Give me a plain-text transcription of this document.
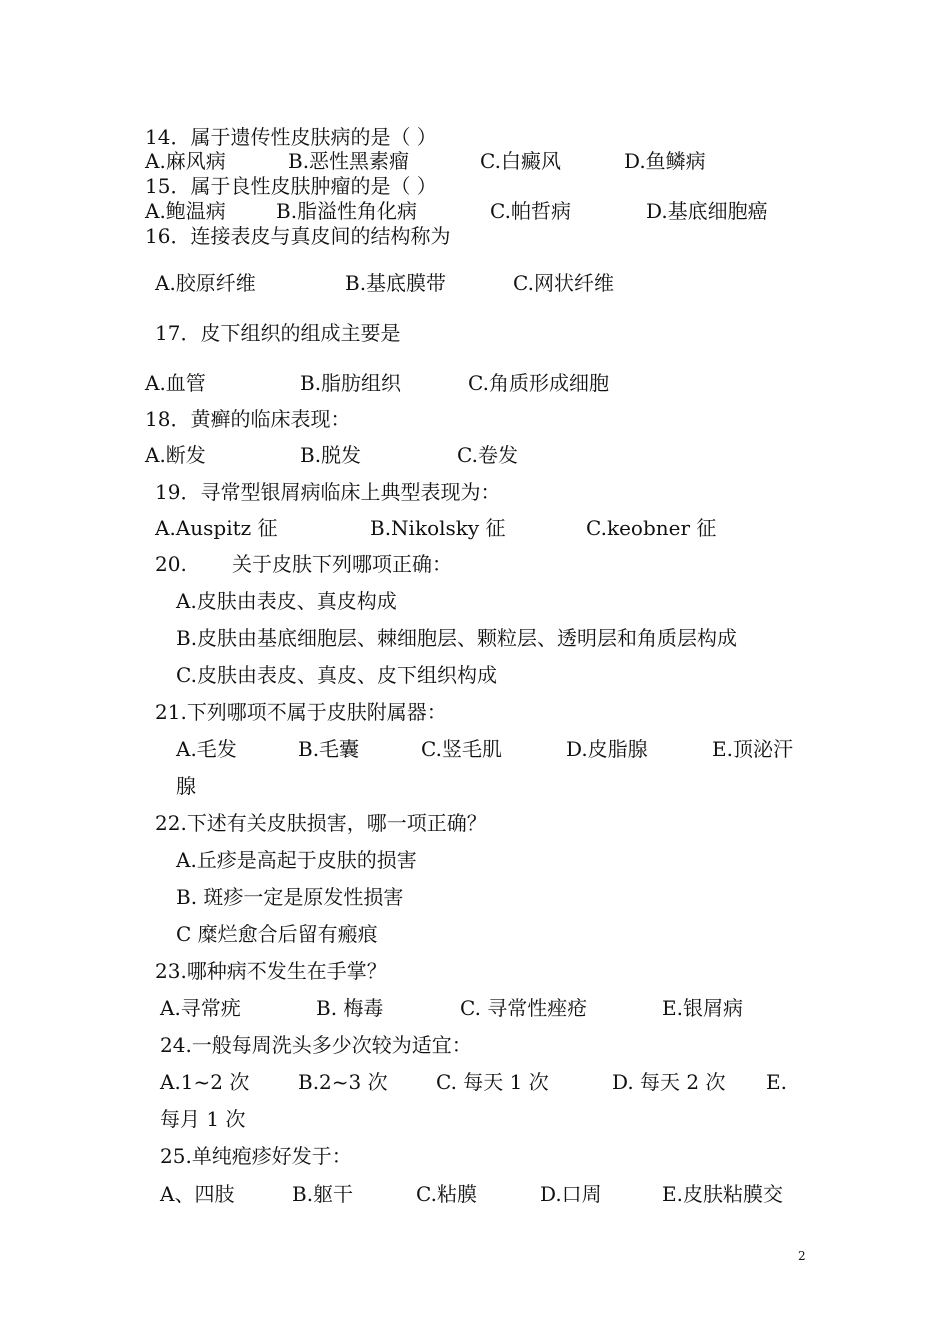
14．属于遗传性皮肤病的是（ ）
A.麻风病	B.恶性黑素瘤	C.白癜风	D.鱼鳞病
15．属于良性皮肤肿瘤的是（ ）
A.鲍温病	B.脂溢性角化病	C.帕哲病	D.基底细胞癌
16．连接表皮与真皮间的结构称为
A.胶原纤维	B.基底膜带	C.网状纤维
17．皮下组织的组成主要是
A.血管	B.脂肪组织	C.角质形成细胞
18．黄癣的临床表现：
A.断发	B.脱发	C.卷发
19．寻常型银屑病临床上典型表现为：
A.Auspitz 征	B.Nikolsky 征	C.keobner 征
20. 关于皮肤下列哪项正确：
A.皮肤由表皮、真皮构成
B.皮肤由基底细胞层、棘细胞层、颗粒层、透明层和角质层构成
C.皮肤由表皮、真皮、皮下组织构成
21.下列哪项不属于皮肤附属器：
A.毛发	B.毛囊	C.竖毛肌	D.皮脂腺	E.顶泌汗
腺
22.下述有关皮肤损害，哪一项正确？
A.丘疹是高起于皮肤的损害
B. 斑疹一定是原发性损害
C 糜烂愈合后留有瘢痕
23.哪种病不发生在手掌？
A.寻常疣	B. 梅毒	C. 寻常性痤疮	E.银屑病
24.一般每周洗头多少次较为适宜：
A.1~2 次 B.2~3 次 C. 每天 1 次	D. 每天 2 次 E.
每月 1 次
25.单纯疱疹好发于：
A、四肢	B.躯干	C.粘膜	D.口周	E.皮肤粘膜交
2
